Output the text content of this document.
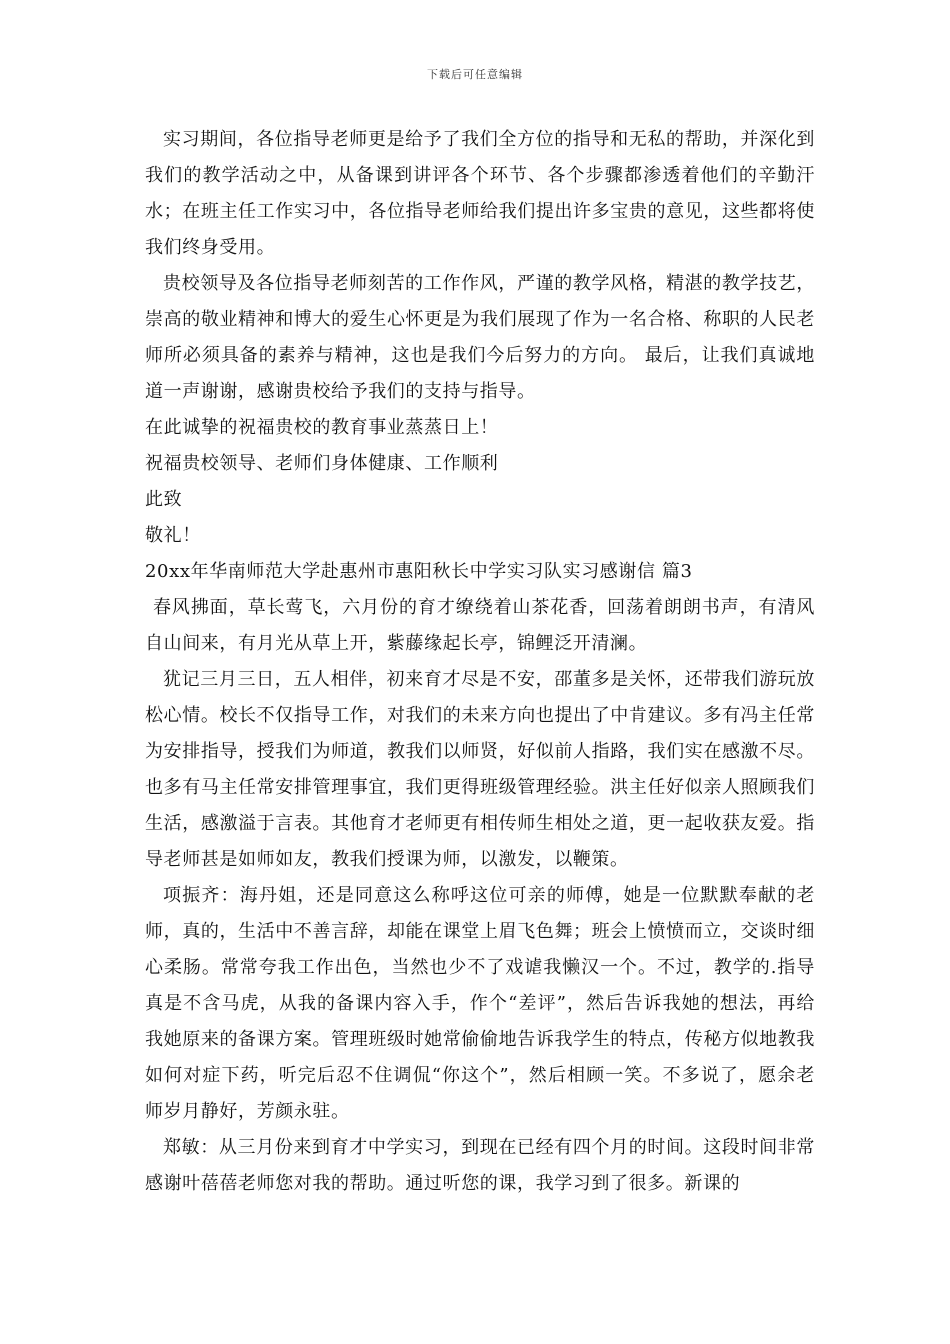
下载后可任意编辑

实习期间，各位指导老师更是给予了我们全方位的指导和无私的帮助，并深化到我们的教学活动之中，从备课到讲评各个环节、各个步骤都渗透着他们的辛勤汗水；在班主任工作实习中，各位指导老师给我们提出许多宝贵的意见，这些都将使我们终身受用。

贵校领导及各位指导老师刻苦的工作作风，严谨的教学风格，精湛的教学技艺，崇高的敬业精神和博大的爱生心怀更是为我们展现了作为一名合格、称职的人民老师所必须具备的素养与精神，这也是我们今后努力的方向。 最后，让我们真诚地道一声谢谢，感谢贵校给予我们的支持与指导。

在此诚挚的祝福贵校的教育事业蒸蒸日上！

祝福贵校领导、老师们身体健康、工作顺利

此致

敬礼！

20xx年华南师范大学赴惠州市惠阳秋长中学实习队实习感谢信 篇3

春风拂面，草长莺飞，六月份的育才缭绕着山茶花香，回荡着朗朗书声，有清风自山间来，有月光从草上开，紫藤缘起长亭，锦鲤泛开清澜。

犹记三月三日，五人相伴，初来育才尽是不安，邵董多是关怀，还带我们游玩放松心情。校长不仅指导工作，对我们的未来方向也提出了中肯建议。多有冯主任常为安排指导，授我们为师道，教我们以师贤，好似前人指路，我们实在感激不尽。也多有马主任常安排管理事宜，我们更得班级管理经验。洪主任好似亲人照顾我们生活，感激溢于言表。其他育才老师更有相传师生相处之道，更一起收获友爱。指导老师甚是如师如友，教我们授课为师，以激发，以鞭策。

项振齐：海丹姐，还是同意这么称呼这位可亲的师傅，她是一位默默奉献的老师，真的，生活中不善言辞，却能在课堂上眉飞色舞；班会上愤愤而立，交谈时细心柔肠。常常夸我工作出色，当然也少不了戏谑我懒汉一个。不过，教学的.指导真是不含马虎，从我的备课内容入手，作个“差评”，然后告诉我她的想法，再给我她原来的备课方案。管理班级时她常偷偷地告诉我学生的特点，传秘方似地教我如何对症下药，听完后忍不住调侃“你这个”，然后相顾一笑。不多说了，愿余老师岁月静好，芳颜永驻。

郑敏：从三月份来到育才中学实习，到现在已经有四个月的时间。这段时间非常感谢叶蓓蓓老师您对我的帮助。通过听您的课，我学习到了很多。新课的
